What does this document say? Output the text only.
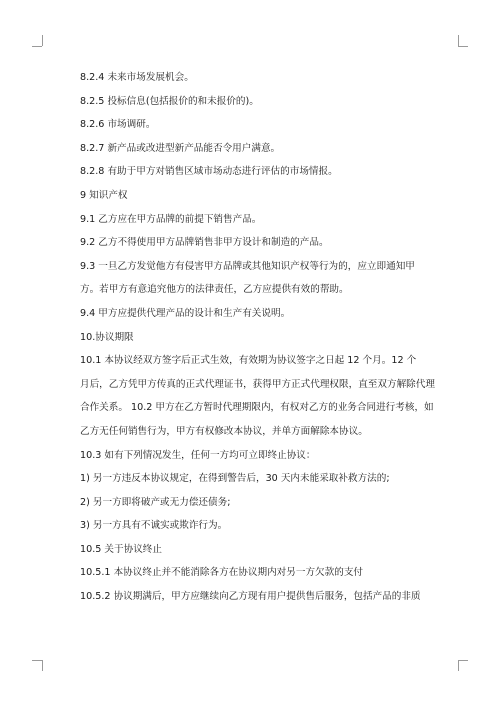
8.2.4 未来市场发展机会。
8.2.5 投标信息(包括报价的和未报价的)。
8.2.6 市场调研。
8.2.7 新产品或改进型新产品能否令用户满意。
8.2.8 有助于甲方对销售区域市场动态进行评估的市场情报。
9 知识产权
9.1 乙方应在甲方品牌的前提下销售产品。
9.2 乙方不得使用甲方品牌销售非甲方设计和制造的产品。
9.3 一旦乙方发觉他方有侵害甲方品牌或其他知识产权等行为的，应立即通知甲
方。若甲方有意追究他方的法律责任，乙方应提供有效的帮助。
9.4 甲方应提供代理产品的设计和生产有关说明。
10.协议期限
10.1 本协议经双方签字后正式生效，有效期为协议签字之日起 12 个月。12 个
月后，乙方凭甲方传真的正式代理证书，获得甲方正式代理权限，直至双方解除代理
合作关系。 10.2 甲方在乙方暂时代理期限内，有权对乙方的业务合同进行考核，如
乙方无任何销售行为，甲方有权修改本协议，并单方面解除本协议。
10.3 如有下列情况发生，任何一方均可立即终止协议：
1) 另一方违反本协议规定，在得到警告后，30 天内未能采取补救方法的;
2) 另一方即将破产或无力偿还债务;
3) 另一方具有不诚实或欺诈行为。
10.5 关于协议终止
10.5.1 本协议终止并不能消除各方在协议期内对另一方欠款的支付
10.5.2 协议期满后，甲方应继续向乙方现有用户提供售后服务，包括产品的非质
